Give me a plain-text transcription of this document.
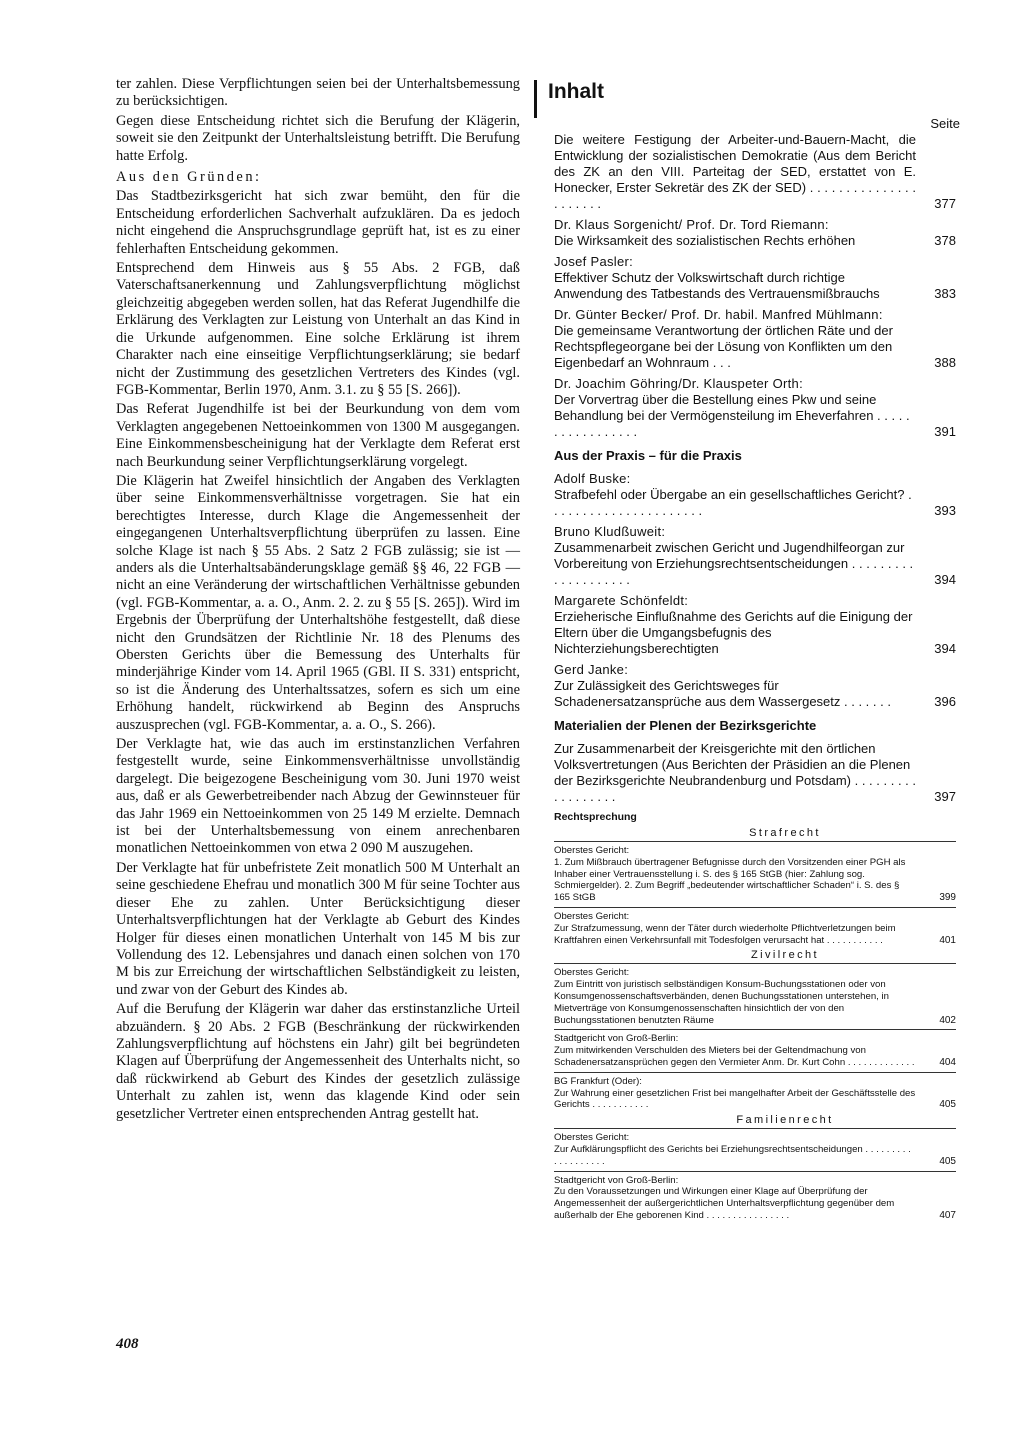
ter zahlen. Diese Verpflichtungen seien bei der Unterhaltsbemessung zu berücksichtigen.

Gegen diese Entscheidung richtet sich die Berufung der Klägerin, soweit sie den Zeitpunkt der Unterhaltsleistung betrifft. Die Berufung hatte Erfolg.

Aus den Gründen:

Das Stadtbezirksgericht hat sich zwar bemüht, den für die Entscheidung erforderlichen Sachverhalt aufzuklären. Da es jedoch nicht eingehend die Anspruchsgrundlage geprüft hat, ist es zu einer fehlerhaften Entscheidung gekommen.

Entsprechend dem Hinweis aus § 55 Abs. 2 FGB, daß Vaterschaftsanerkennung und Zahlungsverpflichtung möglichst gleichzeitig abgegeben werden sollen, hat das Referat Jugendhilfe die Erklärung des Verklagten zur Leistung von Unterhalt an das Kind in die Urkunde aufgenommen. Eine solche Erklärung ist ihrem Charakter nach eine einseitige Verpflichtungserklärung; sie bedarf nicht der Zustimmung des gesetzlichen Vertreters des Kindes (vgl. FGB-Kommentar, Berlin 1970, Anm. 3.1. zu § 55 [S. 266]).

Das Referat Jugendhilfe ist bei der Beurkundung von dem vom Verklagten angegebenen Nettoeinkommen von 1300 M ausgegangen. Eine Einkommensbescheinigung hat der Verklagte dem Referat erst nach Beurkundung seiner Verpflichtungserklärung vorgelegt.

Die Klägerin hat Zweifel hinsichtlich der Angaben des Verklagten über seine Einkommensverhältnisse vorgetragen. Sie hat ein berechtigtes Interesse, durch Klage die Angemessenheit der eingegangenen Unterhaltsverpflichtung überprüfen zu lassen. Eine solche Klage ist nach § 55 Abs. 2 Satz 2 FGB zulässig; sie ist — anders als die Unterhaltsabänderungsklage gemäß §§ 46, 22 FGB — nicht an eine Veränderung der wirtschaftlichen Verhältnisse gebunden (vgl. FGB-Kommentar, a. a. O., Anm. 2. 2. zu § 55 [S. 265]). Wird im Ergebnis der Überprüfung der Unterhaltshöhe festgestellt, daß diese nicht den Grundsätzen der Richtlinie Nr. 18 des Plenums des Obersten Gerichts über die Bemessung des Unterhalts für minderjährige Kinder vom 14. April 1965 (GBl. II S. 331) entspricht, so ist die Änderung des Unterhaltssatzes, sofern es sich um eine Erhöhung handelt, rückwirkend ab Beginn des Anspruchs auszusprechen (vgl. FGB-Kommentar, a. a. O., S. 266).

Der Verklagte hat, wie das auch im erstinstanzlichen Verfahren festgestellt wurde, seine Einkommensverhältnisse unvollständig dargelegt. Die beigezogene Bescheinigung vom 30. Juni 1970 weist aus, daß er als Gewerbetreibender nach Abzug der Gewinnsteuer für das Jahr 1969 ein Nettoeinkommen von 25 149 M erzielte. Demnach ist bei der Unterhaltsbemessung von einem anrechenbaren monatlichen Nettoeinkommen von etwa 2 090 M auszugehen.

Der Verklagte hat für unbefristete Zeit monatlich 500 M Unterhalt an seine geschiedene Ehefrau und monatlich 300 M für seine Tochter aus dieser Ehe zu zahlen. Unter Berücksichtigung dieser Unterhaltsverpflichtungen hat der Verklagte ab Geburt des Kindes Holger für dieses einen monatlichen Unterhalt von 145 M bis zur Vollendung des 12. Lebensjahres und danach einen solchen von 170 M bis zur Erreichung der wirtschaftlichen Selbständigkeit zu leisten, und zwar von der Geburt des Kindes ab.

Auf die Berufung der Klägerin war daher das erstinstanzliche Urteil abzuändern. § 20 Abs. 2 FGB (Beschränkung der rückwirkenden Zahlungsverpflichtung auf höchstens ein Jahr) gilt bei begründeten Klagen auf Überprüfung der Angemessenheit des Unterhalts nicht, so daß rückwirkend ab Geburt des Kindes der gesetzlich zulässige Unterhalt zu zahlen ist, wenn das klagende Kind oder sein gesetzlicher Vertreter einen entsprechenden Antrag gestellt hat.

408
Inhalt
Seite
Die weitere Festigung der Arbeiter-und-Bauern-Macht, die Entwicklung der sozialistischen Demokratie (Aus dem Bericht des ZK an den VIII. Parteitag der SED, erstattet von E. Honecker, Erster Sekretär des ZK der SED) . . . . . . . . . . . . . . . . . . . . . .	377
Dr. Klaus Sorgenicht/ Prof. Dr. Tord Riemann:
Die Wirksamkeit des sozialistischen Rechts erhöhen	378
Josef Pasler:
Effektiver Schutz der Volkswirtschaft durch richtige Anwendung des Tatbestands des Vertrauensmißbrauchs	383
Dr. Günter Becker/ Prof. Dr. habil. Manfred Mühlmann:
Die gemeinsame Verantwortung der örtlichen Räte und der Rechtspflegeorgane bei der Lösung von Konflikten um den Eigenbedarf an Wohnraum . . .	388
Dr. Joachim Göhring/Dr. Klauspeter Orth:
Der Vorvertrag über die Bestellung eines Pkw und seine Behandlung bei der Vermögensteilung im Eheverfahren . . . . . . . . . . . . . . . . .	391
Aus der Praxis – für die Praxis
Adolf Buske:
Strafbefehl oder Übergabe an ein gesellschaftliches Gericht? . . . . . . . . . . . . . . . . . . . . . .	393
Bruno Kludßuweit:
Zusammenarbeit zwischen Gericht und Jugendhilfeorgan zur Vorbereitung von Erziehungsrechtsentscheidungen . . . . . . . . . . . . . . . . . . . .	394
Margarete Schönfeldt:
Erzieherische Einflußnahme des Gerichts auf die Einigung der Eltern über die Umgangsbefugnis des Nichterziehungsberechtigten	394
Gerd Janke:
Zur Zulässigkeit des Gerichtsweges für Schadenersatzansprüche aus dem Wassergesetz . . . . . . .	396
Materialien der Plenen der Bezirksgerichte
Zur Zusammenarbeit der Kreisgerichte mit den örtlichen Volksvertretungen (Aus Berichten der Präsidien an die Plenen der Bezirksgerichte Neubrandenburg und Potsdam) . . . . . . . . . . . . . . . . . .	397
Rechtsprechung
Strafrecht
Oberstes Gericht:
1. Zum Mißbrauch übertragener Befugnisse durch den Vorsitzenden einer PGH als Inhaber einer Vertrauensstellung i. S. des § 165 StGB (hier: Zahlung sog. Schmiergelder). 2. Zum Begriff „bedeutender wirtschaftlicher Schaden“ i. S. des § 165 StGB	399
Oberstes Gericht:
Zur Strafzumessung, wenn der Täter durch wiederholte Pflichtverletzungen beim Kraftfahren einen Verkehrsunfall mit Todesfolgen verursacht hat . . . . . . . . . . .	401
Zivilrecht
Oberstes Gericht:
Zum Eintritt von juristisch selbständigen Konsum-Buchungsstationen oder von Konsumgenossenschaftsverbänden, denen Buchungsstationen unterstehen, in Mietverträge von Konsumgenossenschaften hinsichtlich der von den Buchungsstationen benutzten Räume	402
Stadtgericht von Groß-Berlin:
Zum mitwirkenden Verschulden des Mieters bei der Geltendmachung von Schadenersatzansprüchen gegen den Vermieter Anm. Dr. Kurt Cohn . . . . . . . . . . . . . 404
BG Frankfurt (Oder):
Zur Wahrung einer gesetzlichen Frist bei mangelhafter Arbeit der Geschäftsstelle des Gerichts . . . . . . . . . . .	405
Familienrecht
Oberstes Gericht:
Zur Aufklärungspflicht des Gerichts bei Erziehungsrechtsentscheidungen . . . . . . . . . . . . . . . . . . .	405
Stadtgericht von Groß-Berlin:
Zu den Voraussetzungen und Wirkungen einer Klage auf Überprüfung der Angemessenheit der außergerichtlichen Unterhaltsverpflichtung gegenüber dem außerhalb der Ehe geborenen Kind . . . . . . . . . . . . . . . .	407
